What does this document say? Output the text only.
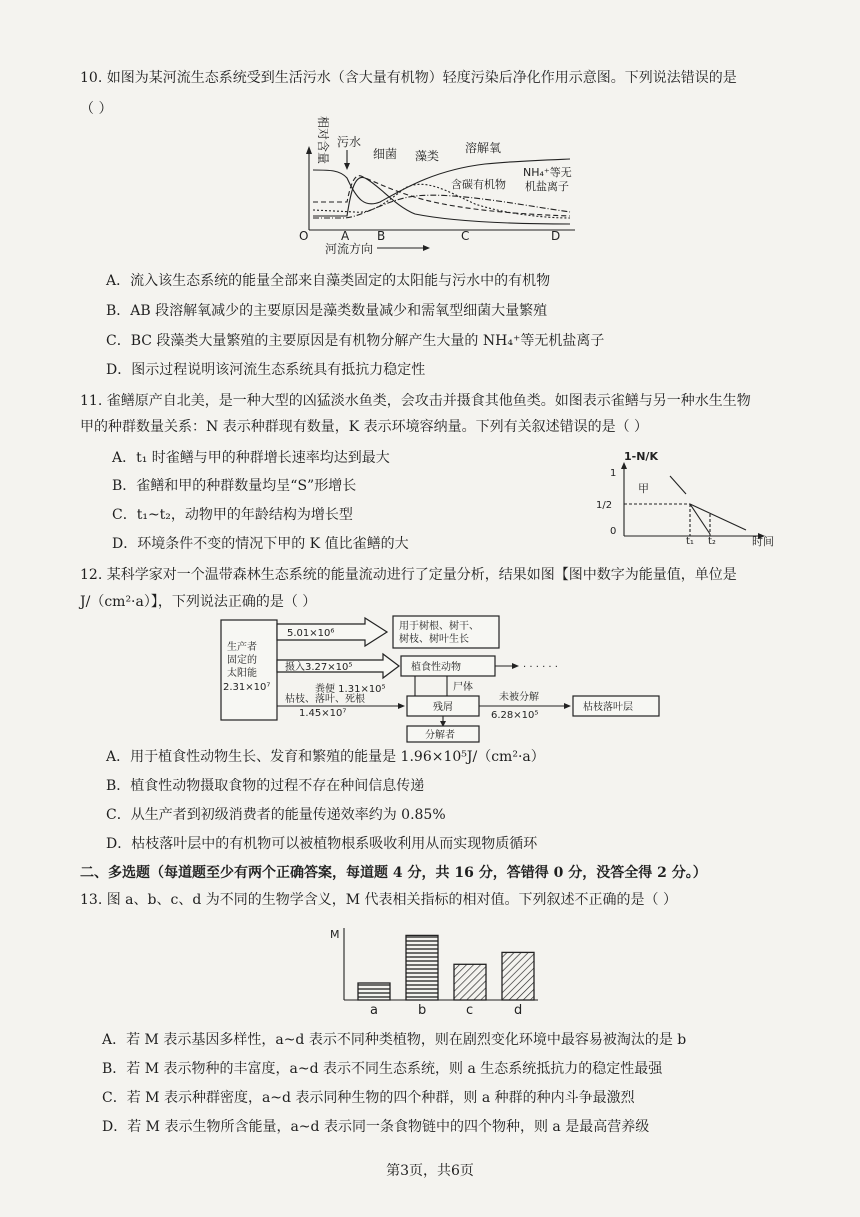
10. 如图为某河流生态系统受到生活污水（含大量有机物）轻度污染后净化作用示意图。下列说法错误的是
（ ）
相对含量 污水
细菌 藻类
溶解氧
含碳有机物
NH₄⁺等无
机盐离子
O	A B	C	D
河流方向
A．流入该生态系统的能量全部来自藻类固定的太阳能与污水中的有机物
B．AB 段溶解氧减少的主要原因是藻类数量减少和需氧型细菌大量繁殖
C．BC 段藻类大量繁殖的主要原因是有机物分解产生大量的 NH₄⁺等无机盐离子
D．图示过程说明该河流生态系统具有抵抗力稳定性
11. 雀鳝原产自北美，是一种大型的凶猛淡水鱼类，会攻击并摄食其他鱼类。如图表示雀鳝与另一种水生生物
甲的种群数量关系：N 表示种群现有数量，K 表示环境容纳量。下列有关叙述错误的是（ ）
A．t₁ 时雀鳝与甲的种群增长速率均达到最大
B．雀鳝和甲的种群数量均呈“S”形增长
C．t₁~t₂，动物甲的年龄结构为增长型
D．环境条件不变的情况下甲的 K 值比雀鳝的大
1-N/K
1
1/2
0
甲
t₁ t₂	时间
12. 某科学家对一个温带森林生态系统的能量流动进行了定量分析，结果如图【图中数字为能量值，单位是
J/（cm²·a）】，下列说法正确的是（ ）
生产者
固定的
太阳能
2.31×10⁷
5.01×10⁶
用于树根、树干、
树枝、树叶生长
摄入3.27×10⁵	植食性动物	· · · · · ·
粪便 1.31×10⁵	尸体
枯枝、落叶、死根
1.45×10⁷
残屑
未被分解
6.28×10⁵
枯枝落叶层
分解者
A．用于植食性动物生长、发育和繁殖的能量是 1.96×10⁵J/（cm²·a）
B．植食性动物摄取食物的过程不存在种间信息传递
C．从生产者到初级消费者的能量传递效率约为 0.85%
D．枯枝落叶层中的有机物可以被植物根系吸收利用从而实现物质循环
二、多选题（每道题至少有两个正确答案，每道题 4 分，共 16 分，答错得 0 分，没答全得 2 分。）
13. 图 a、b、c、d 为不同的生物学含义，M 代表相关指标的相对值。下列叙述不正确的是（ ）
M
a	b	c	d
A．若 M 表示基因多样性，a~d 表示不同种类植物，则在剧烈变化环境中最容易被淘汰的是 b
B．若 M 表示物种的丰富度，a~d 表示不同生态系统，则 a 生态系统抵抗力的稳定性最强
C．若 M 表示种群密度，a~d 表示同种生物的四个种群，则 a 种群的种内斗争最激烈
D．若 M 表示生物所含能量，a~d 表示同一条食物链中的四个物种，则 a 是最高营养级
第3页，共6页
